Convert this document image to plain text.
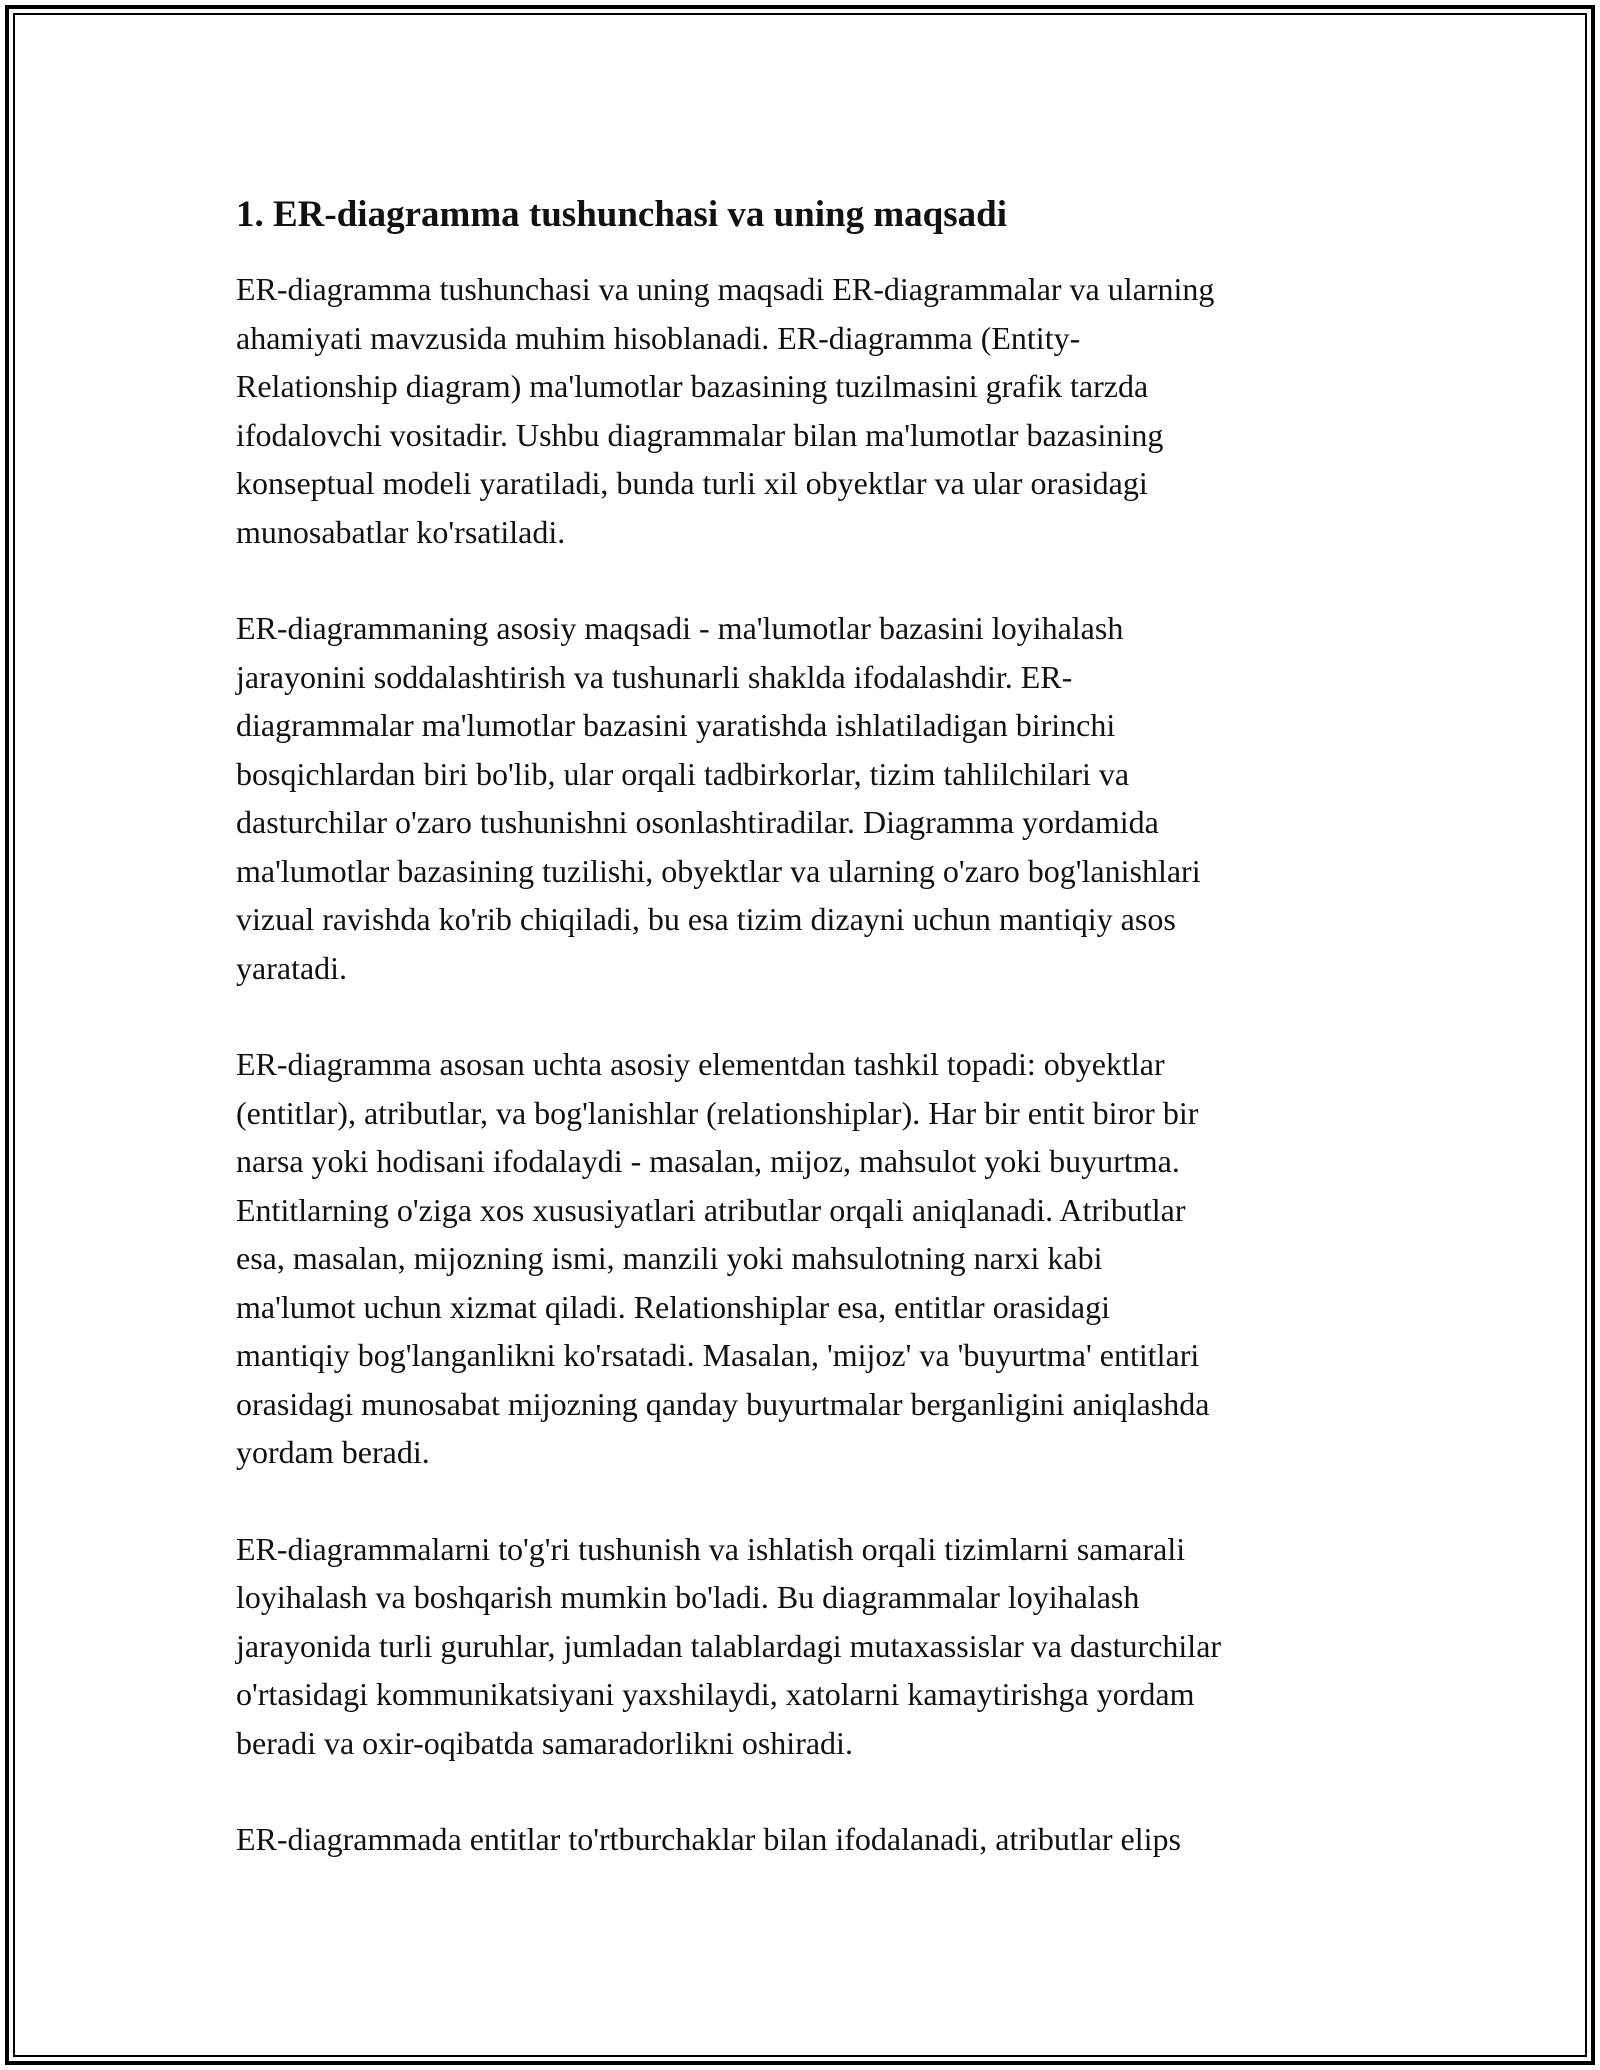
1. ER-diagramma tushunchasi va uning maqsadi

ER-diagramma tushunchasi va uning maqsadi ER-diagrammalar va ularning
ahamiyati mavzusida muhim hisoblanadi. ER-diagramma (Entity-
Relationship diagram) ma'lumotlar bazasining tuzilmasini grafik tarzda
ifodalovchi vositadir. Ushbu diagrammalar bilan ma'lumotlar bazasining
konseptual modeli yaratiladi, bunda turli xil obyektlar va ular orasidagi
munosabatlar ko'rsatiladi.

ER-diagrammaning asosiy maqsadi - ma'lumotlar bazasini loyihalash
jarayonini soddalashtirish va tushunarli shaklda ifodalashdir. ER-
diagrammalar ma'lumotlar bazasini yaratishda ishlatiladigan birinchi
bosqichlardan biri bo'lib, ular orqali tadbirkorlar, tizim tahlilchilari va
dasturchilar o'zaro tushunishni osonlashtiradilar. Diagramma yordamida
ma'lumotlar bazasining tuzilishi, obyektlar va ularning o'zaro bog'lanishlari
vizual ravishda ko'rib chiqiladi, bu esa tizim dizayni uchun mantiqiy asos
yaratadi.

ER-diagramma asosan uchta asosiy elementdan tashkil topadi: obyektlar
(entitlar), atributlar, va bog'lanishlar (relationshiplar). Har bir entit biror bir
narsa yoki hodisani ifodalaydi - masalan, mijoz, mahsulot yoki buyurtma.
Entitlarning o'ziga xos xususiyatlari atributlar orqali aniqlanadi. Atributlar
esa, masalan, mijozning ismi, manzili yoki mahsulotning narxi kabi
ma'lumot uchun xizmat qiladi. Relationshiplar esa, entitlar orasidagi
mantiqiy bog'langanlikni ko'rsatadi. Masalan, 'mijoz' va 'buyurtma' entitlari
orasidagi munosabat mijozning qanday buyurtmalar berganligini aniqlashda
yordam beradi.

ER-diagrammalarni to'g'ri tushunish va ishlatish orqali tizimlarni samarali
loyihalash va boshqarish mumkin bo'ladi. Bu diagrammalar loyihalash
jarayonida turli guruhlar, jumladan talablardagi mutaxassislar va dasturchilar
o'rtasidagi kommunikatsiyani yaxshilaydi, xatolarni kamaytirishga yordam
beradi va oxir-oqibatda samaradorlikni oshiradi.

ER-diagrammada entitlar to'rtburchaklar bilan ifodalanadi, atributlar elips
